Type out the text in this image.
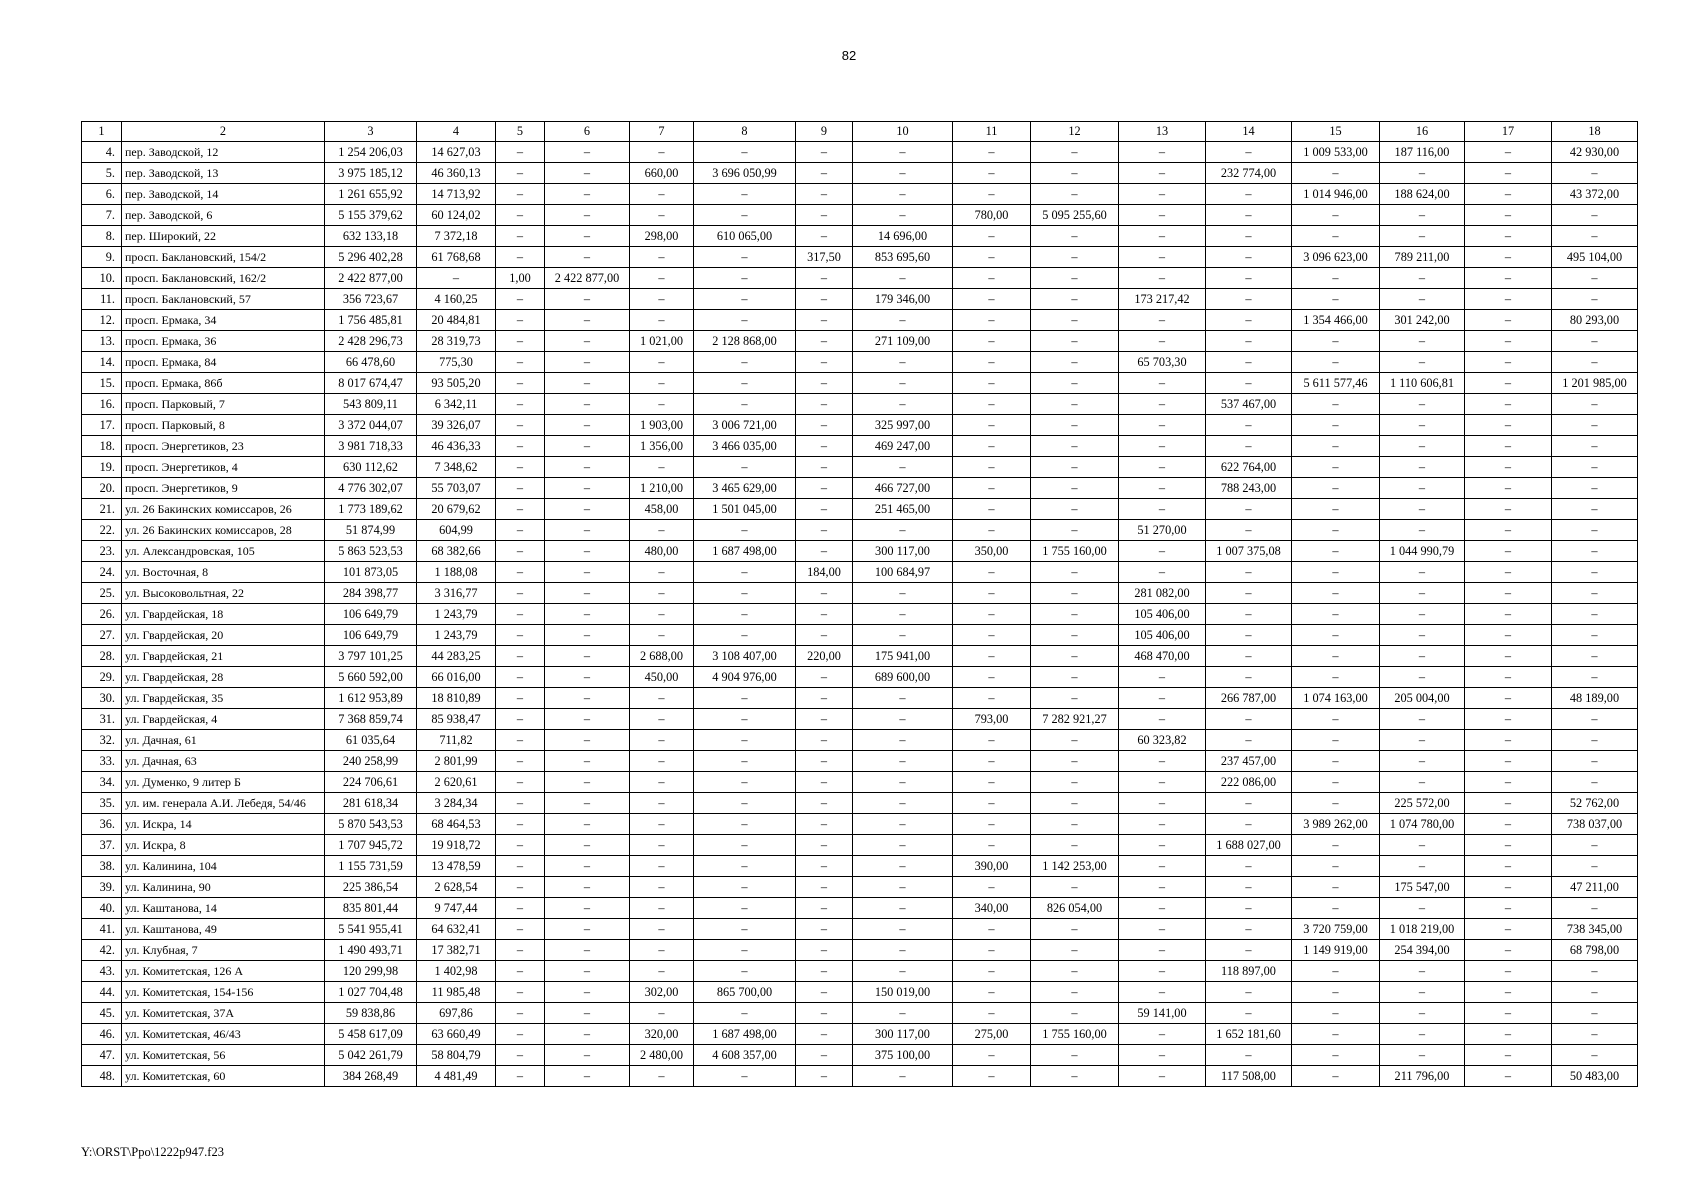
82
1	2	3	4	5	6	7	8	9	10	11	12	13	14	15	16	17	18
4.	пер. Заводской, 12	1 254 206,03	14 627,03	–	–	–	–	–	–	–	–	–	–	1 009 533,00	187 116,00	–	42 930,00
5.	пер. Заводской, 13	3 975 185,12	46 360,13	–	–	660,00	3 696 050,99	–	–	–	–	–	232 774,00	–	–	–	–
6.	пер. Заводской, 14	1 261 655,92	14 713,92	–	–	–	–	–	–	–	–	–	–	1 014 946,00	188 624,00	–	43 372,00
7.	пер. Заводской, 6	5 155 379,62	60 124,02	–	–	–	–	–	–	780,00	5 095 255,60	–	–	–	–	–	–
8.	пер. Широкий, 22	632 133,18	7 372,18	–	–	298,00	610 065,00	–	14 696,00	–	–	–	–	–	–	–	–
9.	просп. Баклановский, 154/2	5 296 402,28	61 768,68	–	–	–	–	317,50	853 695,60	–	–	–	–	3 096 623,00	789 211,00	–	495 104,00
10.	просп. Баклановский, 162/2	2 422 877,00	–	1,00	2 422 877,00	–	–	–	–	–	–	–	–	–	–	–	–
11.	просп. Баклановский, 57	356 723,67	4 160,25	–	–	–	–	–	179 346,00	–	–	173 217,42	–	–	–	–	–
12.	просп. Ермака, 34	1 756 485,81	20 484,81	–	–	–	–	–	–	–	–	–	–	1 354 466,00	301 242,00	–	80 293,00
13.	просп. Ермака, 36	2 428 296,73	28 319,73	–	–	1 021,00	2 128 868,00	–	271 109,00	–	–	–	–	–	–	–	–
14.	просп. Ермака, 84	66 478,60	775,30	–	–	–	–	–	–	–	–	65 703,30	–	–	–	–	–
15.	просп. Ермака, 86б	8 017 674,47	93 505,20	–	–	–	–	–	–	–	–	–	–	5 611 577,46	1 110 606,81	–	1 201 985,00
16.	просп. Парковый, 7	543 809,11	6 342,11	–	–	–	–	–	–	–	–	–	537 467,00	–	–	–	–
17.	просп. Парковый, 8	3 372 044,07	39 326,07	–	–	1 903,00	3 006 721,00	–	325 997,00	–	–	–	–	–	–	–	–
18.	просп. Энергетиков, 23	3 981 718,33	46 436,33	–	–	1 356,00	3 466 035,00	–	469 247,00	–	–	–	–	–	–	–	–
19.	просп. Энергетиков, 4	630 112,62	7 348,62	–	–	–	–	–	–	–	–	–	622 764,00	–	–	–	–
20.	просп. Энергетиков, 9	4 776 302,07	55 703,07	–	–	1 210,00	3 465 629,00	–	466 727,00	–	–	–	788 243,00	–	–	–	–
21.	ул. 26 Бакинских комиссаров, 26	1 773 189,62	20 679,62	–	–	458,00	1 501 045,00	–	251 465,00	–	–	–	–	–	–	–	–
22.	ул. 26 Бакинских комиссаров, 28	51 874,99	604,99	–	–	–	–	–	–	–	–	51 270,00	–	–	–	–	–
23.	ул. Александровская, 105	5 863 523,53	68 382,66	–	–	480,00	1 687 498,00	–	300 117,00	350,00	1 755 160,00	–	1 007 375,08	–	1 044 990,79	–	–
24.	ул. Восточная, 8	101 873,05	1 188,08	–	–	–	–	184,00	100 684,97	–	–	–	–	–	–	–	–
25.	ул. Высоковольтная, 22	284 398,77	3 316,77	–	–	–	–	–	–	–	–	281 082,00	–	–	–	–	–
26.	ул. Гвардейская, 18	106 649,79	1 243,79	–	–	–	–	–	–	–	–	105 406,00	–	–	–	–	–
27.	ул. Гвардейская, 20	106 649,79	1 243,79	–	–	–	–	–	–	–	–	105 406,00	–	–	–	–	–
28.	ул. Гвардейская, 21	3 797 101,25	44 283,25	–	–	2 688,00	3 108 407,00	220,00	175 941,00	–	–	468 470,00	–	–	–	–	–
29.	ул. Гвардейская, 28	5 660 592,00	66 016,00	–	–	450,00	4 904 976,00	–	689 600,00	–	–	–	–	–	–	–	–
30.	ул. Гвардейская, 35	1 612 953,89	18 810,89	–	–	–	–	–	–	–	–	–	266 787,00	1 074 163,00	205 004,00	–	48 189,00
31.	ул. Гвардейская, 4	7 368 859,74	85 938,47	–	–	–	–	–	–	793,00	7 282 921,27	–	–	–	–	–	–
32.	ул. Дачная, 61	61 035,64	711,82	–	–	–	–	–	–	–	–	60 323,82	–	–	–	–	–
33.	ул. Дачная, 63	240 258,99	2 801,99	–	–	–	–	–	–	–	–	–	237 457,00	–	–	–	–
34.	ул. Думенко, 9 литер Б	224 706,61	2 620,61	–	–	–	–	–	–	–	–	–	222 086,00	–	–	–	–
35.	ул. им. генерала А.И. Лебедя, 54/46	281 618,34	3 284,34	–	–	–	–	–	–	–	–	–	–	–	225 572,00	–	52 762,00
36.	ул. Искра, 14	5 870 543,53	68 464,53	–	–	–	–	–	–	–	–	–	–	3 989 262,00	1 074 780,00	–	738 037,00
37.	ул. Искра, 8	1 707 945,72	19 918,72	–	–	–	–	–	–	–	–	–	1 688 027,00	–	–	–	–
38.	ул. Калинина, 104	1 155 731,59	13 478,59	–	–	–	–	–	–	390,00	1 142 253,00	–	–	–	–	–	–
39.	ул. Калинина, 90	225 386,54	2 628,54	–	–	–	–	–	–	–	–	–	–	–	175 547,00	–	47 211,00
40.	ул. Каштанова, 14	835 801,44	9 747,44	–	–	–	–	–	–	340,00	826 054,00	–	–	–	–	–	–
41.	ул. Каштанова, 49	5 541 955,41	64 632,41	–	–	–	–	–	–	–	–	–	–	3 720 759,00	1 018 219,00	–	738 345,00
42.	ул. Клубная, 7	1 490 493,71	17 382,71	–	–	–	–	–	–	–	–	–	–	1 149 919,00	254 394,00	–	68 798,00
43.	ул. Комитетская, 126 А	120 299,98	1 402,98	–	–	–	–	–	–	–	–	–	118 897,00	–	–	–	–
44.	ул. Комитетская, 154-156	1 027 704,48	11 985,48	–	–	302,00	865 700,00	–	150 019,00	–	–	–	–	–	–	–	–
45.	ул. Комитетская, 37А	59 838,86	697,86	–	–	–	–	–	–	–	–	59 141,00	–	–	–	–	–
46.	ул. Комитетская, 46/43	5 458 617,09	63 660,49	–	–	320,00	1 687 498,00	–	300 117,00	275,00	1 755 160,00	–	1 652 181,60	–	–	–	–
47.	ул. Комитетская, 56	5 042 261,79	58 804,79	–	–	2 480,00	4 608 357,00	–	375 100,00	–	–	–	–	–	–	–	–
48.	ул. Комитетская, 60	384 268,49	4 481,49	–	–	–	–	–	–	–	–	–	117 508,00	–	211 796,00	–	50 483,00
Y:\ORST\Ppo\1222p947.f23
